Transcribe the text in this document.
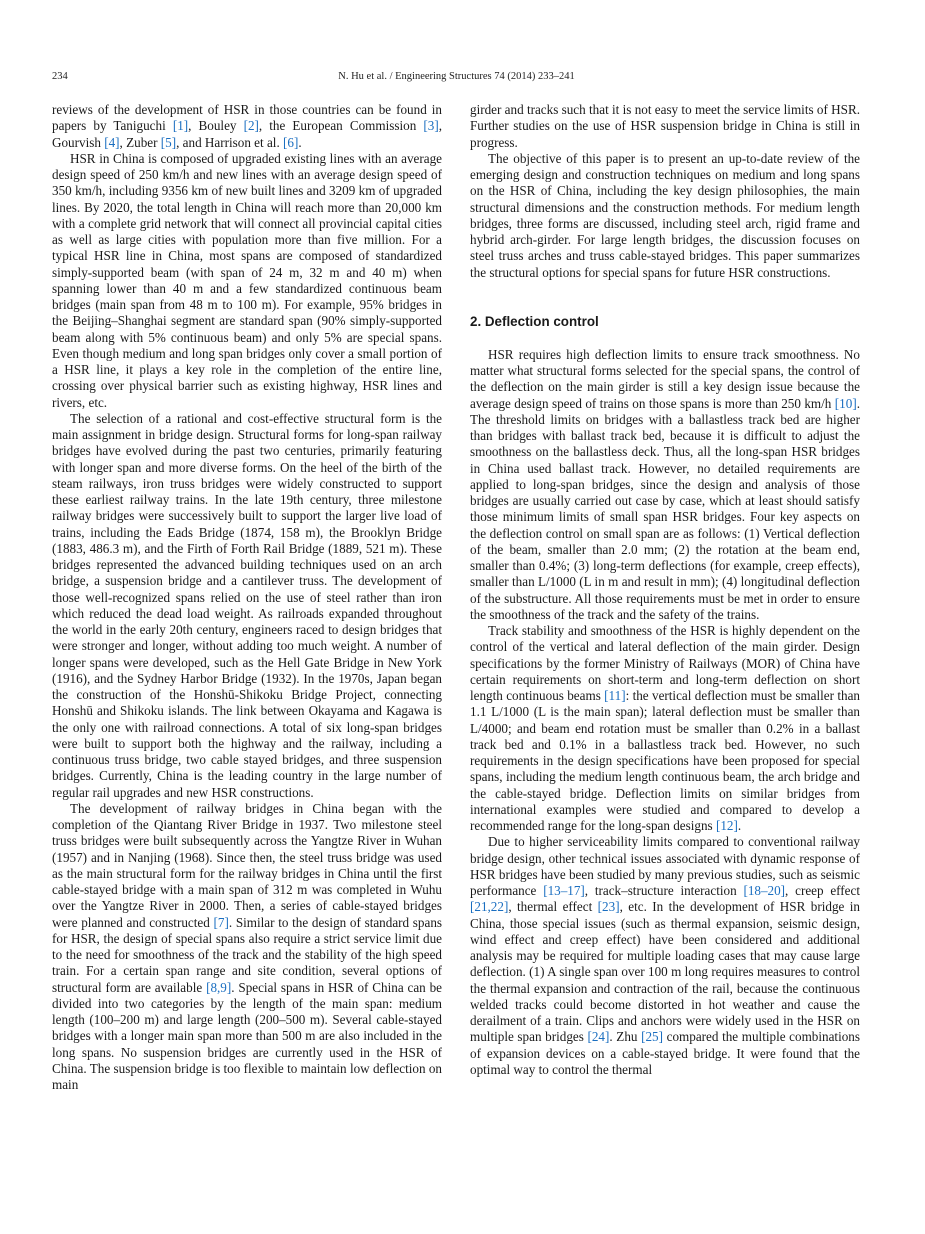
234	N. Hu et al. / Engineering Structures 74 (2014) 233–241

reviews of the development of HSR in those countries can be found in papers by Taniguchi [1], Bouley [2], the European Commission [3], Gourvish [4], Zuber [5], and Harrison et al. [6].

HSR in China is composed of upgraded existing lines with an average design speed of 250 km/h and new lines with an average design speed of 350 km/h, including 9356 km of new built lines and 3209 km of upgraded lines. By 2020, the total length in China will reach more than 20,000 km with a complete grid network that will connect all provincial capital cities as well as large cities with population more than five million. For a typical HSR line in China, most spans are composed of standardized simply-supported beam (with span of 24 m, 32 m and 40 m) when spanning lower than 40 m and a few standardized continuous beam bridges (main span from 48 m to 100 m). For example, 95% bridges in the Beijing–Shanghai segment are standard span (90% simply-supported beam along with 5% continuous beam) and only 5% are special spans. Even though medium and long span bridges only cover a small portion of a HSR line, it plays a key role in the completion of the entire line, crossing over physical barrier such as existing highway, HSR lines and rivers, etc.

The selection of a rational and cost-effective structural form is the main assignment in bridge design. Structural forms for long-span railway bridges have evolved during the past two centuries, primarily featuring with longer span and more diverse forms. On the heel of the birth of the steam railways, iron truss bridges were widely constructed to support these earliest railway trains. In the late 19th century, three milestone railway bridges were successively built to support the larger live load of trains, including the Eads Bridge (1874, 158 m), the Brooklyn Bridge (1883, 486.3 m), and the Firth of Forth Rail Bridge (1889, 521 m). These bridges represented the advanced building techniques used on an arch bridge, a suspension bridge and a cantilever truss. The development of those well-recognized spans relied on the use of steel rather than iron which reduced the dead load weight. As railroads expanded throughout the world in the early 20th century, engineers raced to design bridges that were stronger and longer, without adding too much weight. A number of longer spans were developed, such as the Hell Gate Bridge in New York (1916), and the Sydney Harbor Bridge (1932). In the 1970s, Japan began the construction of the Honshū-Shikoku Bridge Project, connecting Honshū and Shikoku islands. The link between Okayama and Kagawa is the only one with railroad connections. A total of six long-span bridges were built to support both the highway and the railway, including a continuous truss bridge, two cable stayed bridges, and three suspension bridges. Currently, China is the leading country in the large number of regular rail upgrades and new HSR constructions.

The development of railway bridges in China began with the completion of the Qiantang River Bridge in 1937. Two milestone steel truss bridges were built subsequently across the Yangtze River in Wuhan (1957) and in Nanjing (1968). Since then, the steel truss bridge was used as the main structural form for the railway bridges in China until the first cable-stayed bridge with a main span of 312 m was completed in Wuhu over the Yangtze River in 2000. Then, a series of cable-stayed bridges were planned and constructed [7]. Similar to the design of standard spans for HSR, the design of special spans also require a strict service limit due to the need for smoothness of the track and the stability of the high speed train. For a certain span range and site condition, several options of structural form are available [8,9]. Special spans in HSR of China can be divided into two categories by the length of the main span: medium length (100–200 m) and large length (200–500 m). Several cable-stayed bridges with a longer main span more than 500 m are also included in the long spans. No suspension bridges are currently used in the HSR of China. The suspension bridge is too flexible to maintain low deflection on main

girder and tracks such that it is not easy to meet the service limits of HSR. Further studies on the use of HSR suspension bridge in China is still in progress.

The objective of this paper is to present an up-to-date review of the emerging design and construction techniques on medium and long spans on the HSR of China, including the key design philosophies, the main structural dimensions and the construction methods. For medium length bridges, three forms are discussed, including steel arch, rigid frame and hybrid arch-girder. For large length bridges, the discussion focuses on steel truss arches and truss cable-stayed bridges. This paper summarizes the structural options for special spans for future HSR constructions.

2. Deflection control

HSR requires high deflection limits to ensure track smoothness. No matter what structural forms selected for the special spans, the control of the deflection on the main girder is still a key design issue because the average design speed of trains on those spans is more than 250 km/h [10]. The threshold limits on bridges with a ballastless track bed are higher than bridges with ballast track bed, because it is difficult to adjust the smoothness on the ballastless deck. Thus, all the long-span HSR bridges in China used ballast track. However, no detailed requirements are applied to long-span bridges, since the design and analysis of those bridges are usually carried out case by case, which at least should satisfy those minimum limits of small span HSR bridges. Four key aspects on the deflection control on small span are as follows: (1) Vertical deflection of the beam, smaller than 2.0 mm; (2) the rotation at the beam end, smaller than 0.4%; (3) long-term deflections (for example, creep effects), smaller than L/1000 (L in m and result in mm); (4) longitudinal deflection of the substructure. All those requirements must be met in order to ensure the smoothness of the track and the safety of the trains.

Track stability and smoothness of the HSR is highly dependent on the control of the vertical and lateral deflection of the main girder. Design specifications by the former Ministry of Railways (MOR) of China have certain requirements on short-term and long-term deflection on short length continuous beams [11]: the vertical deflection must be smaller than 1.1 L/1000 (L is the main span); lateral deflection must be smaller than L/4000; and beam end rotation must be smaller than 0.2% in a ballast track bed and 0.1% in a ballastless track bed. However, no such requirements in the design specifications have been proposed for special spans, including the medium length continuous beam, the arch bridge and the cable-stayed bridge. Deflection limits on similar bridges from international examples were studied and compared to develop a recommended range for the long-span designs [12].

Due to higher serviceability limits compared to conventional railway bridge design, other technical issues associated with dynamic response of HSR bridges have been studied by many previous studies, such as seismic performance [13–17], track–structure interaction [18–20], creep effect [21,22], thermal effect [23], etc. In the development of HSR bridge in China, those special issues (such as thermal expansion, seismic design, wind effect and creep effect) have been considered and additional analysis may be required for multiple loading cases that may cause large deflection. (1) A single span over 100 m long requires measures to control the thermal expansion and contraction of the rail, because the continuous welded tracks could become distorted in hot weather and cause the derailment of a train. Clips and anchors were widely used in the HSR on multiple span bridges [24]. Zhu [25] compared the multiple combinations of expansion devices on a cable-stayed bridge. It were found that the optimal way to control the thermal
